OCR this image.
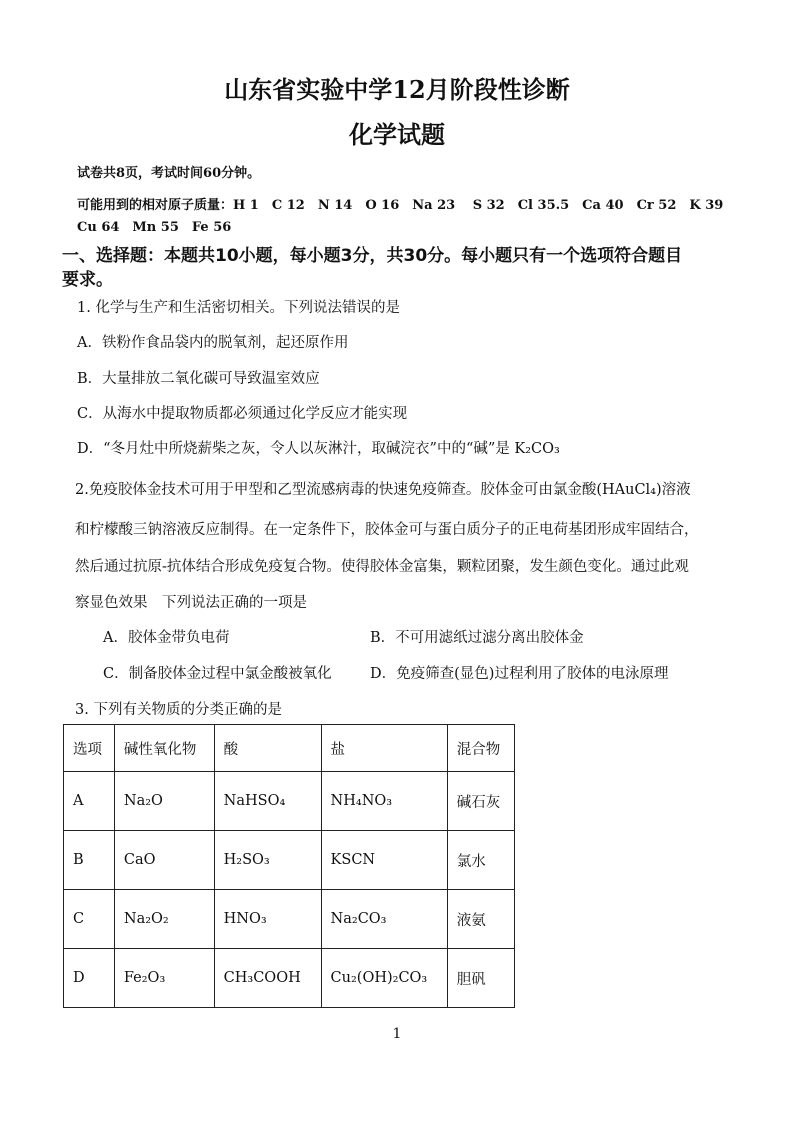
山东省实验中学12月阶段性诊断
化学试题
试卷共8页，考试时间60分钟。
可能用到的相对原子质量：H 1　C 12　N 14　O 16　Na 23　 S 32　Cl 35.5　Ca 40　Cr 52　K 39
Cu 64　Mn 55　Fe 56
一、选择题：本题共10小题，每小题3分，共30分。每小题只有一个选项符合题目
要求。
1. 化学与生产和生活密切相关。下列说法错误的是
A．铁粉作食品袋内的脱氧剂，起还原作用
B．大量排放二氧化碳可导致温室效应
C．从海水中提取物质都必须通过化学反应才能实现
D．“冬月灶中所烧薪柴之灰，令人以灰淋汁，取碱浣衣”中的“碱”是 K₂CO₃
2.免疫胶体金技术可用于甲型和乙型流感病毒的快速免疫筛查。胶体金可由氯金酸(HAuCl₄)溶液
和柠檬酸三钠溶液反应制得。在一定条件下，胶体金可与蛋白质分子的正电荷基团形成牢固结合，
然后通过抗原-抗体结合形成免疫复合物。使得胶体金富集，颗粒团聚，发生颜色变化。通过此观
察显色效果　下列说法正确的一项是
A．胶体金带负电荷	B．不可用滤纸过滤分离出胶体金
C．制备胶体金过程中氯金酸被氧化	D．免疫筛查(显色)过程利用了胶体的电泳原理
3. 下列有关物质的分类正确的是
选项	碱性氧化物	酸	盐	混合物
A	Na₂O	NaHSO₄	NH₄NO₃	碱石灰
B	CaO	H₂SO₃	KSCN	氯水
C	Na₂O₂	HNO₃	Na₂CO₃	液氨
D	Fe₂O₃	CH₃COOH	Cu₂(OH)₂CO₃	胆矾
1
